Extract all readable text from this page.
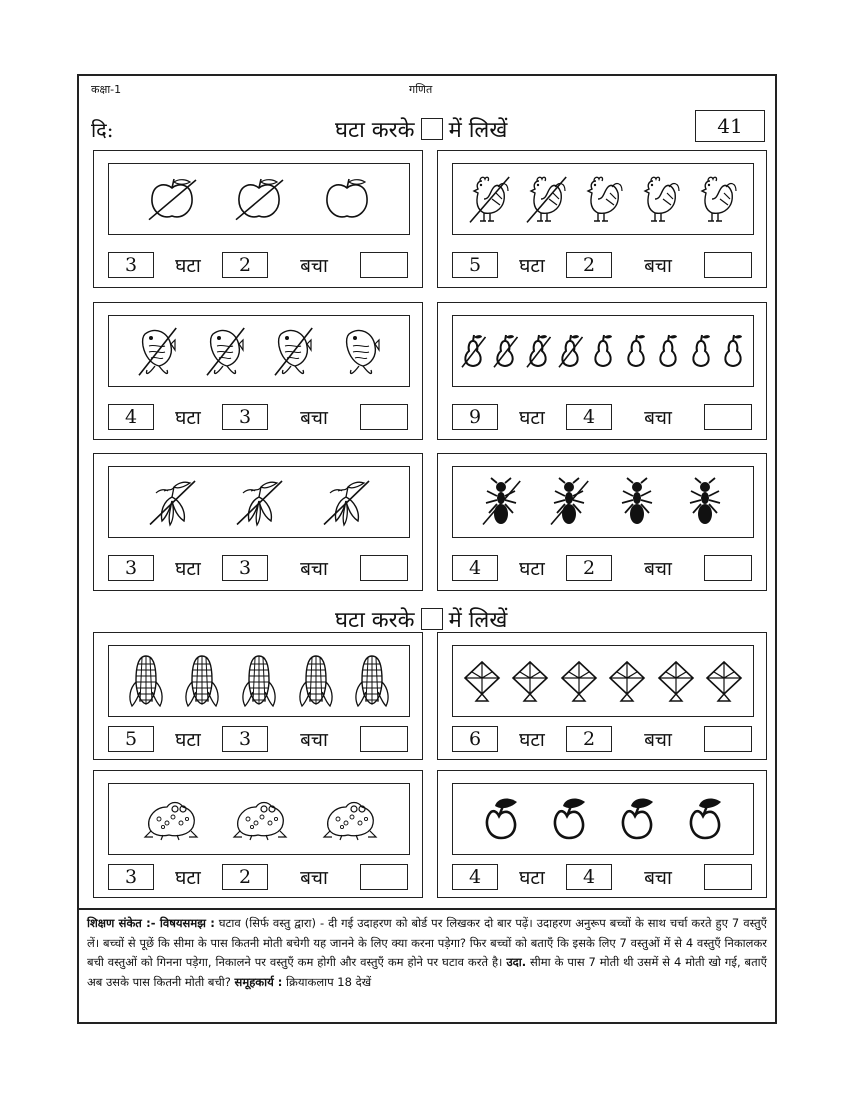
कक्षा-1	गणित
दि:	घटा करके में लिखें	41
घटा करके में लिखें
3	घटा	2	बचा	5	घटा	2	बचा
4	घटा	3	बचा	9	घटा	4	बचा
3	घटा	3	बचा	4	घटा	2	बचा
5	घटा	3	बचा	6	घटा	2	बचा
3	घटा	2	बचा	4	घटा	4	बचा
शिक्षण संकेत :- विषयसमझ : घटाव (सिर्फ वस्तु द्वारा) - दी गई उदाहरण को बोर्ड पर लिखकर दो बार पढ़ें। उदाहरण अनुरूप बच्चों के साथ चर्चा करते हुए 7 वस्तुएँ लें। बच्चों से पूछें कि सीमा के पास कितनी मोती बचेगी यह जानने के लिए क्या करना पड़ेगा? फिर बच्चों को बताएँ कि इसके लिए 7 वस्तुओं में से 4 वस्तुएँ निकालकर बची वस्तुओं को गिनना पड़ेगा, निकालने पर वस्तुएँ कम होगी और वस्तुएँ कम होने पर घटाव करते है। उदा. सीमा के पास 7 मोती थी उसमें से 4 मोती खो गई, बताएँ अब उसके पास कितनी मोती बची? समूहकार्य : क्रियाकलाप 18 देखें
